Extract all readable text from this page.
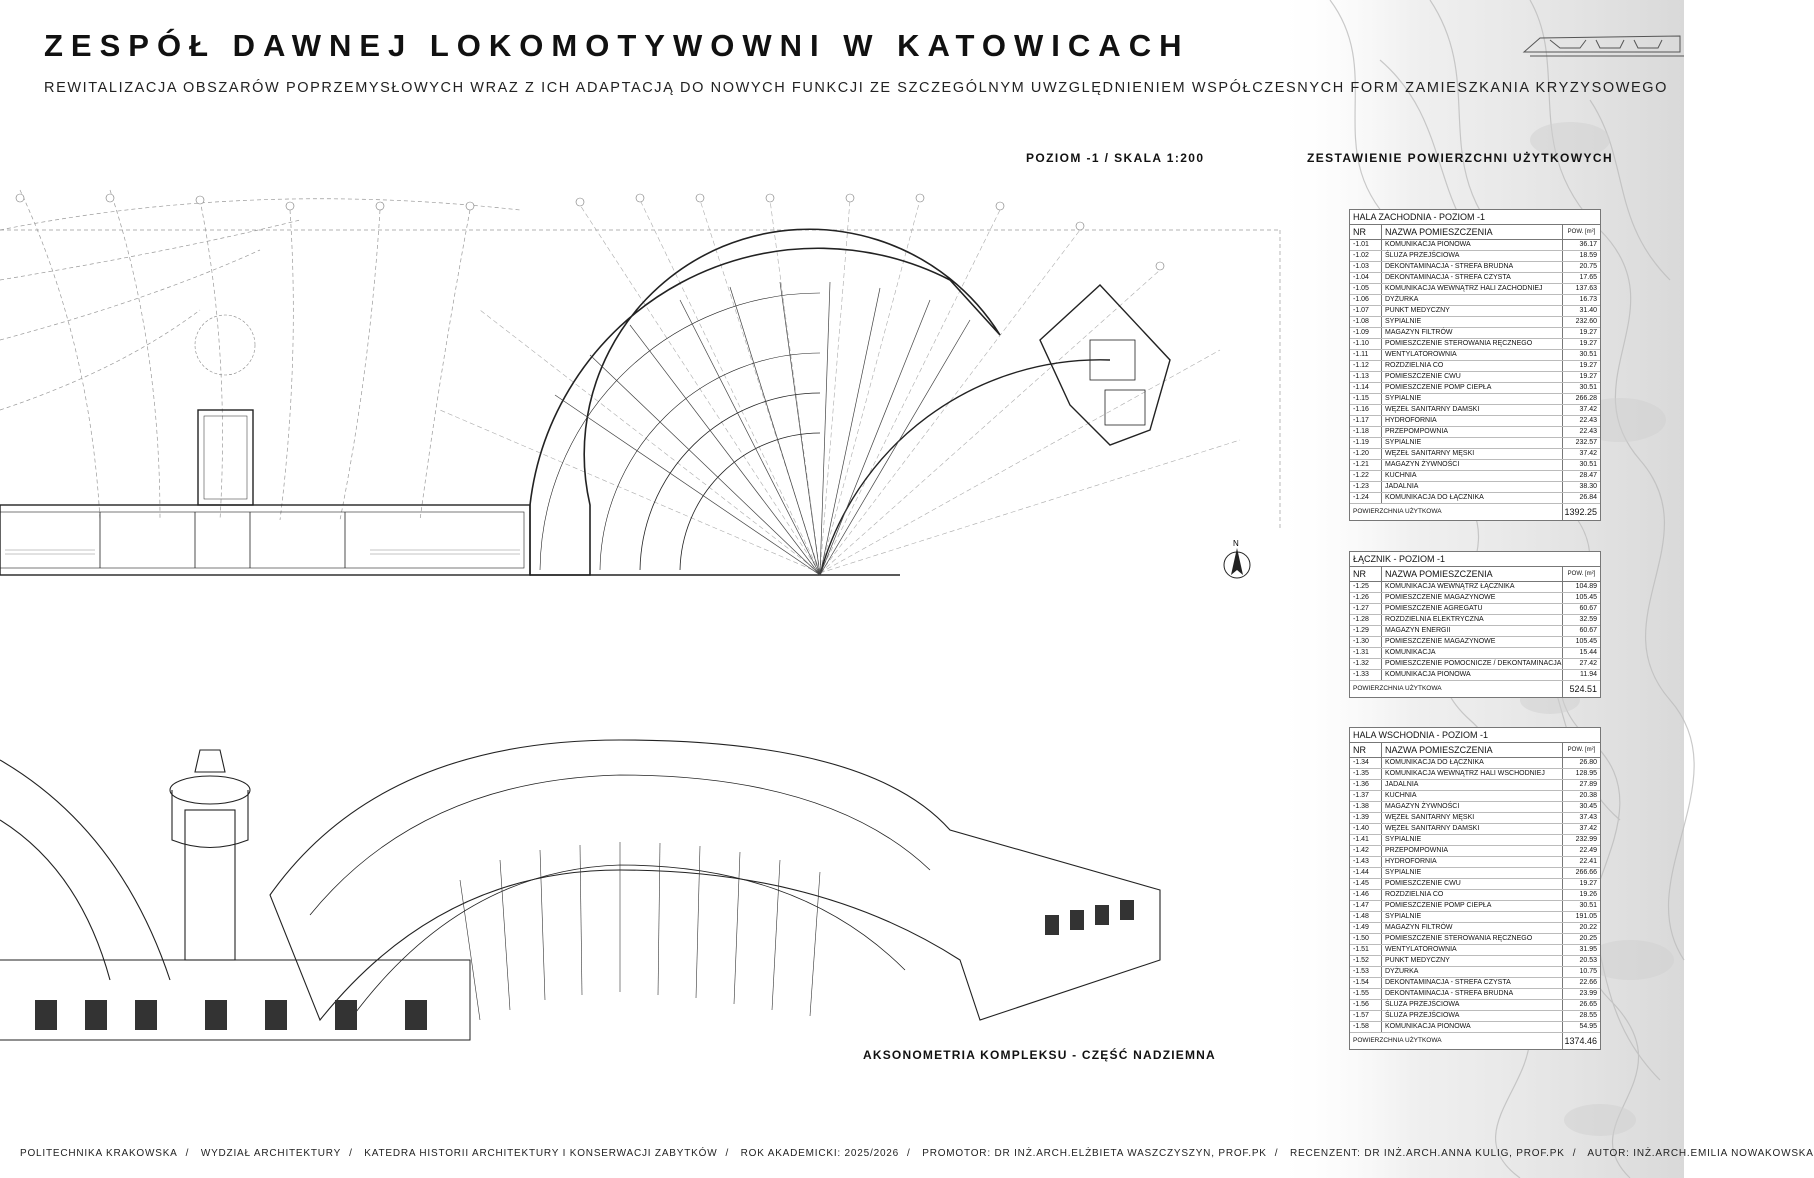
ZESPÓŁ DAWNEJ LOKOMOTYWOWNI W KATOWICACH
REWITALIZACJA OBSZARÓW POPRZEMYSŁOWYCH WRAZ Z ICH ADAPTACJĄ DO NOWYCH FUNKCJI ZE SZCZEGÓLNYM UWZGLĘDNIENIEM WSPÓŁCZESNYCH FORM ZAMIESZKANIA KRYZYSOWEGO
POZIOM -1 / SKALA 1:200	ZESTAWIENIE POWIERZCHNI UŻYTKOWYCH
N
AKSONOMETRIA KOMPLEKSU - CZĘŚĆ NADZIEMNA
HALA ZACHODNIA - POZIOM -1
NR	NAZWA POMIESZCZENIA	POW. [m²]
-1.01	KOMUNIKACJA PIONOWA	36.17
-1.02	ŚLUZA PRZEJŚCIOWA	18.59
-1.03	DEKONTAMINACJA - STREFA BRUDNA	20.75
-1.04	DEKONTAMINACJA - STREFA CZYSTA	17.65
-1.05	KOMUNIKACJA WEWNĄTRZ HALI ZACHODNIEJ	137.63
-1.06	DYŻURKA	16.73
-1.07	PUNKT MEDYCZNY	31.40
-1.08	SYPIALNIE	232.60
-1.09	MAGAZYN FILTRÓW	19.27
-1.10	POMIESZCZENIE STEROWANIA RĘCZNEGO	19.27
-1.11	WENTYLATOROWNIA	30.51
-1.12	ROZDZIELNIA CO	19.27
-1.13	POMIESZCZENIE CWU	19.27
-1.14	POMIESZCZENIE POMP CIEPŁA	30.51
-1.15	SYPIALNIE	266.28
-1.16	WĘZEŁ SANITARNY DAMSKI	37.42
-1.17	HYDROFORNIA	22.43
-1.18	PRZEPOMPOWNIA	22.43
-1.19	SYPIALNIE	232.57
-1.20	WĘZEŁ SANITARNY MĘSKI	37.42
-1.21	MAGAZYN ŻYWNOŚCI	30.51
-1.22	KUCHNIA	28.47
-1.23	JADALNIA	38.30
-1.24	KOMUNIKACJA DO ŁĄCZNIKA	26.84
POWIERZCHNIA UŻYTKOWA	1392.25
ŁĄCZNIK - POZIOM -1
NR	NAZWA POMIESZCZENIA	POW. [m²]
-1.25	KOMUNIKACJA WEWNĄTRZ ŁĄCZNIKA	104.89
-1.26	POMIESZCZENIE MAGAZYNOWE	105.45
-1.27	POMIESZCZENIE AGREGATU	60.67
-1.28	ROZDZIELNIA ELEKTRYCZNA	32.59
-1.29	MAGAZYN ENERGII	60.67
-1.30	POMIESZCZENIE MAGAZYNOWE	105.45
-1.31	KOMUNIKACJA	15.44
-1.32	POMIESZCZENIE POMOCNICZE / DEKONTAMINACJA	27.42
-1.33	KOMUNIKACJA PIONOWA	11.94
POWIERZCHNIA UŻYTKOWA	524.51
HALA WSCHODNIA - POZIOM -1
NR	NAZWA POMIESZCZENIA	POW. [m²]
-1.34	KOMUNIKACJA DO ŁĄCZNIKA	26.80
-1.35	KOMUNIKACJA WEWNĄTRZ HALI WSCHODNIEJ	128.95
-1.36	JADALNIA	27.89
-1.37	KUCHNIA	20.38
-1.38	MAGAZYN ŻYWNOŚCI	30.45
-1.39	WĘZEŁ SANITARNY MĘSKI	37.43
-1.40	WĘZEŁ SANITARNY DAMSKI	37.42
-1.41	SYPIALNIE	232.99
-1.42	PRZEPOMPOWNIA	22.49
-1.43	HYDROFORNIA	22.41
-1.44	SYPIALNIE	266.66
-1.45	POMIESZCZENIE CWU	19.27
-1.46	ROZDZIELNIA CO	19.26
-1.47	POMIESZCZENIE POMP CIEPŁA	30.51
-1.48	SYPIALNIE	191.05
-1.49	MAGAZYN FILTRÓW	20.22
-1.50	POMIESZCZENIE STEROWANIA RĘCZNEGO	20.25
-1.51	WENTYLATOROWNIA	31.95
-1.52	PUNKT MEDYCZNY	20.53
-1.53	DYŻURKA	10.75
-1.54	DEKONTAMINACJA - STREFA CZYSTA	22.66
-1.55	DEKONTAMINACJA - STREFA BRUDNA	23.99
-1.56	ŚLUZA PRZEJŚCIOWA	26.65
-1.57	ŚLUZA PRZEJŚCIOWA	28.55
-1.58	KOMUNIKACJA PIONOWA	54.95
POWIERZCHNIA UŻYTKOWA	1374.46
POLITECHNIKA KRAKOWSKA / WYDZIAŁ ARCHITEKTURY / KATEDRA HISTORII ARCHITEKTURY I KONSERWACJI ZABYTKÓW / ROK AKADEMICKI: 2025/2026 / PROMOTOR: DR INŻ.ARCH.ELŻBIETA WASZCZYSZYN, PROF.PK / RECENZENT: DR INŻ.ARCH.ANNA KULIG, PROF.PK / AUTOR: INŻ.ARCH.EMILIA NOWAKOWSKA
